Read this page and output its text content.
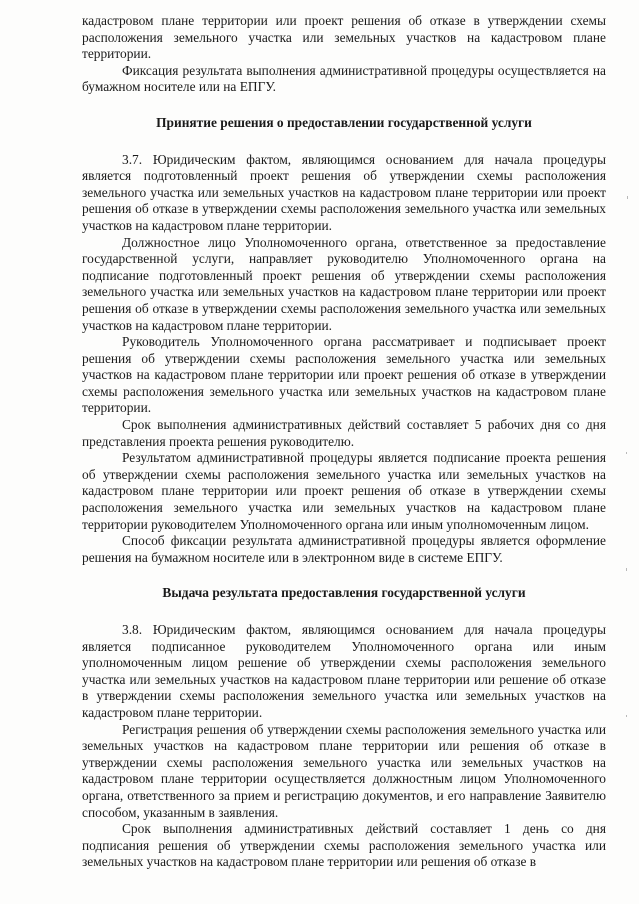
кадастровом плане территории или проект решения об отказе в утверждении схемы расположения земельного участка или земельных участков на кадастровом плане территории.

Фиксация результата выполнения административной процедуры осуществляется на бумажном носителе или на ЕПГУ.

Принятие решения о предоставлении государственной услуги

3.7. Юридическим фактом, являющимся основанием для начала процедуры является подготовленный проект решения об утверждении схемы расположения земельного участка или земельных участков на кадастровом плане территории или проект решения об отказе в утверждении схемы расположения земельного участка или земельных участков на кадастровом плане территории.

Должностное лицо Уполномоченного органа, ответственное за предоставление государственной услуги, направляет руководителю Уполномоченного органа на подписание подготовленный проект решения об утверждении схемы расположения земельного участка или земельных участков на кадастровом плане территории или проект решения об отказе в утверждении схемы расположения земельного участка или земельных участков на кадастровом плане территории.

Руководитель Уполномоченного органа рассматривает и подписывает проект решения об утверждении схемы расположения земельного участка или земельных участков на кадастровом плане территории или проект решения об отказе в утверждении схемы расположения земельного участка или земельных участков на кадастровом плане территории.

Срок выполнения административных действий составляет 5 рабочих дня со дня представления проекта решения руководителю.

Результатом административной процедуры является подписание проекта решения об утверждении схемы расположения земельного участка или земельных участков на кадастровом плане территории или проект решения об отказе в утверждении схемы расположения земельного участка или земельных участков на кадастровом плане территории руководителем Уполномоченного органа или иным уполномоченным лицом.

Способ фиксации результата административной процедуры является оформление решения на бумажном носителе или в электронном виде в системе ЕПГУ.

Выдача результата предоставления государственной услуги

3.8. Юридическим фактом, являющимся основанием для начала процедуры является подписанное руководителем Уполномоченного органа или иным уполномоченным лицом решение об утверждении схемы расположения земельного участка или земельных участков на кадастровом плане территории или решение об отказе в утверждении схемы расположения земельного участка или земельных участков на кадастровом плане территории.

Регистрация решения об утверждении схемы расположения земельного участка или земельных участков на кадастровом плане территории или решения об отказе в утверждении схемы расположения земельного участка или земельных участков на кадастровом плане территории осуществляется должностным лицом Уполномоченного органа, ответственного за прием и регистрацию документов, и его направление Заявителю способом, указанным в заявления.

Срок выполнения административных действий составляет 1 день со дня подписания решения об утверждении схемы расположения земельного участка или земельных участков на кадастровом плане территории или решения об отказе в
